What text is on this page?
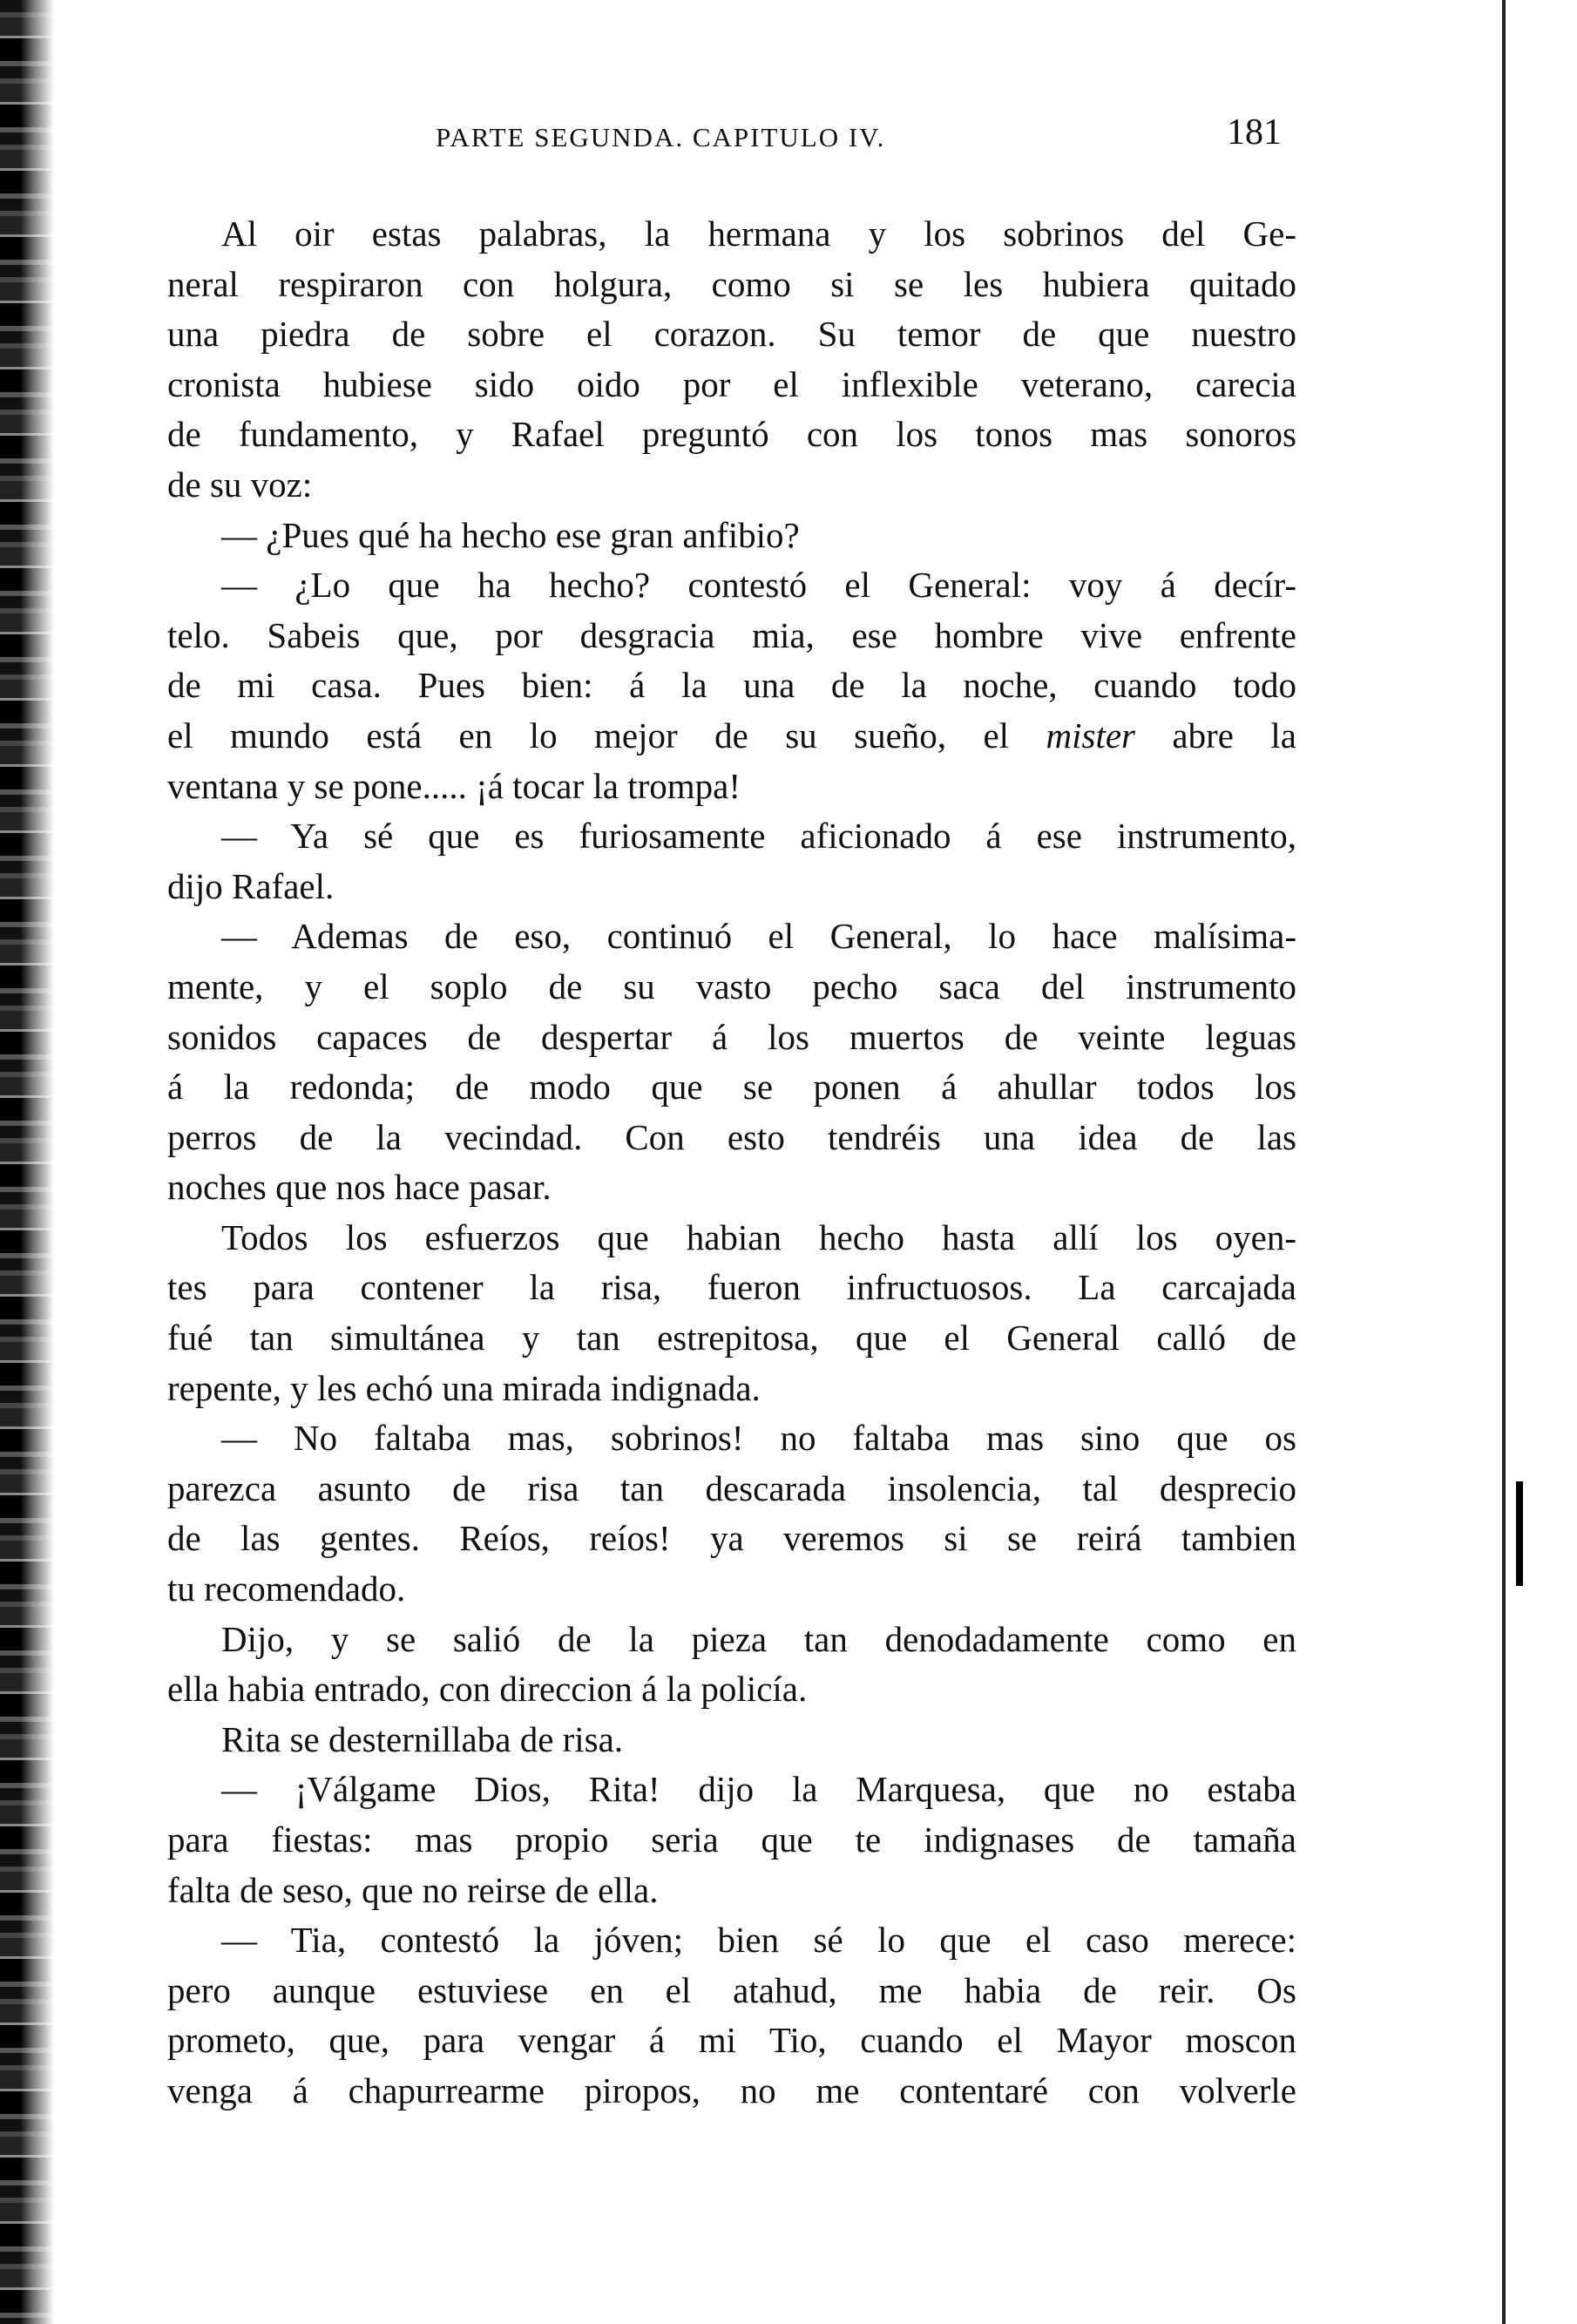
PARTE SEGUNDA. CAPITULO IV.	181
Al oir estas palabras, la hermana y los sobrinos del Ge-
neral respiraron con holgura, como si se les hubiera quitado
una piedra de sobre el corazon. Su temor de que nuestro
cronista hubiese sido oido por el inflexible veterano, carecia
de fundamento, y Rafael preguntó con los tonos mas sonoros
de su voz:
— ¿Pues qué ha hecho ese gran anfibio?
— ¿Lo que ha hecho? contestó el General: voy á decír-
telo. Sabeis que, por desgracia mia, ese hombre vive enfrente
de mi casa. Pues bien: á la una de la noche, cuando todo
el mundo está en lo mejor de su sueño, el mister abre la
ventana y se pone..... ¡á tocar la trompa!
— Ya sé que es furiosamente aficionado á ese instrumento,
dijo Rafael.
— Ademas de eso, continuó el General, lo hace malísima-
mente, y el soplo de su vasto pecho saca del instrumento
sonidos capaces de despertar á los muertos de veinte leguas
á la redonda; de modo que se ponen á ahullar todos los
perros de la vecindad. Con esto tendréis una idea de las
noches que nos hace pasar.
Todos los esfuerzos que habian hecho hasta allí los oyen-
tes para contener la risa, fueron infructuosos. La carcajada
fué tan simultánea y tan estrepitosa, que el General calló de
repente, y les echó una mirada indignada.
— No faltaba mas, sobrinos! no faltaba mas sino que os
parezca asunto de risa tan descarada insolencia, tal desprecio
de las gentes. Reíos, reíos! ya veremos si se reirá tambien
tu recomendado.
Dijo, y se salió de la pieza tan denodadamente como en
ella habia entrado, con direccion á la policía.
Rita se desternillaba de risa.
— ¡Válgame Dios, Rita! dijo la Marquesa, que no estaba
para fiestas: mas propio seria que te indignases de tamaña
falta de seso, que no reirse de ella.
— Tia, contestó la jóven; bien sé lo que el caso merece:
pero aunque estuviese en el atahud, me habia de reir. Os
prometo, que, para vengar á mi Tio, cuando el Mayor moscon
venga á chapurrearme piropos, no me contentaré con volverle
